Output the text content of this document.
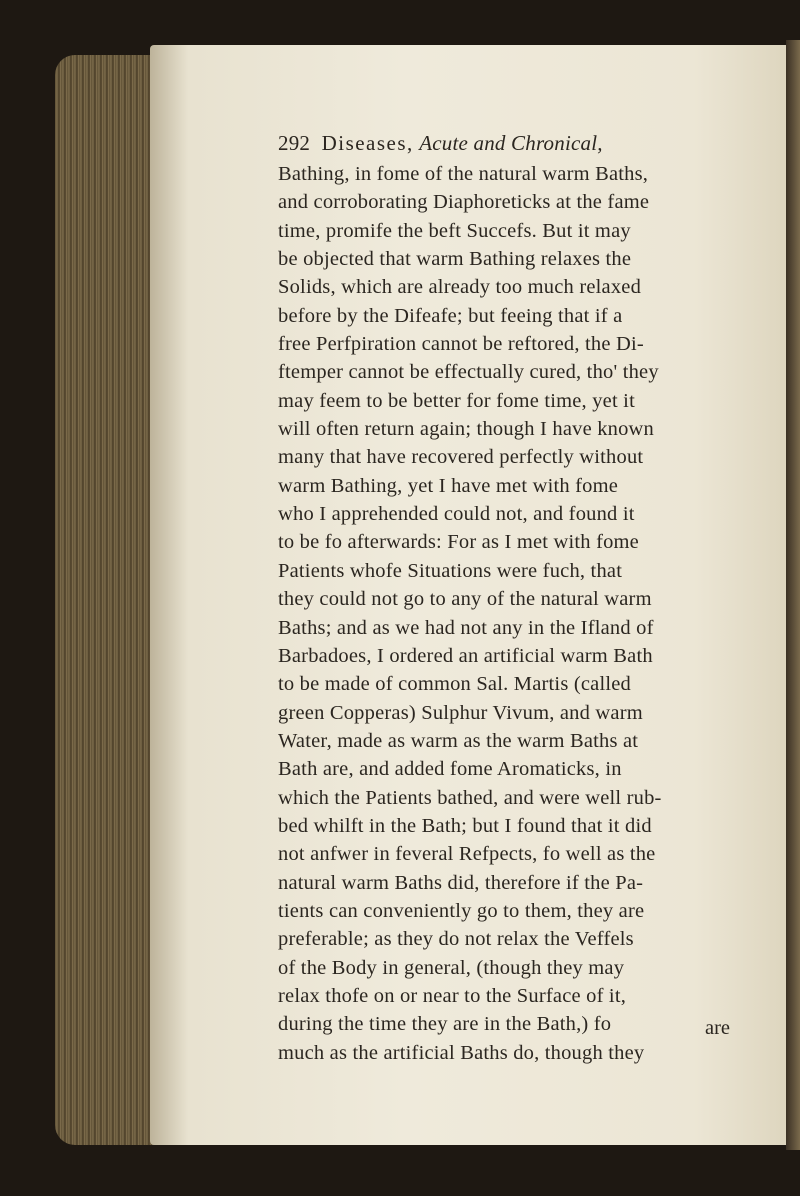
292 Diseases, Acute and Chronical,
Bathing, in fome of the natural warm Baths,
and corroborating Diaphoreticks at the fame
time, promife the beft Succefs. But it may
be objected that warm Bathing relaxes the
Solids, which are already too much relaxed
before by the Difeafe; but feeing that if a
free Perfpiration cannot be reftored, the Di-
ftemper cannot be effectually cured, tho' they
may feem to be better for fome time, yet it
will often return again; though I have known
many that have recovered perfectly without
warm Bathing, yet I have met with fome
who I apprehended could not, and found it
to be fo afterwards: For as I met with fome
Patients whofe Situations were fuch, that
they could not go to any of the natural warm
Baths; and as we had not any in the Ifland of
Barbadoes, I ordered an artificial warm Bath
to be made of common Sal. Martis (called
green Copperas) Sulphur Vivum, and warm
Water, made as warm as the warm Baths at
Bath are, and added fome Aromaticks, in
which the Patients bathed, and were well rub-
bed whilft in the Bath; but I found that it did
not anfwer in feveral Refpects, fo well as the
natural warm Baths did, therefore if the Pa-
tients can conveniently go to them, they are
preferable; as they do not relax the Veffels
of the Body in general, (though they may
relax thofe on or near to the Surface of it,
during the time they are in the Bath,) fo
much as the artificial Baths do, though they
are
